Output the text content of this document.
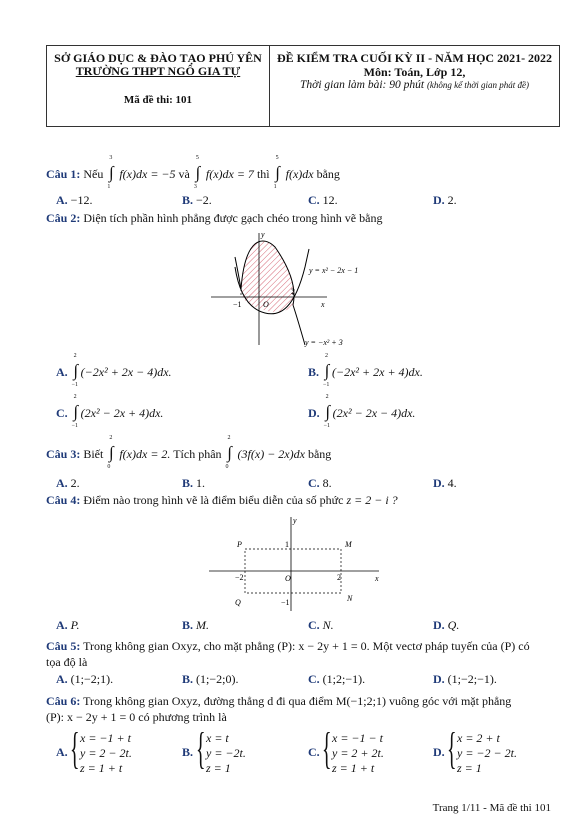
SỞ GIÁO DỤC & ĐÀO TẠO PHÚ YÊN
TRƯỜNG THPT NGÔ GIA TỰ
Mã đề thi: 101
ĐỀ KIỂM TRA CUỐI KỲ II - NĂM HỌC 2021- 2022
Môn: Toán, Lớp 12,
Thời gian làm bài: 90 phút (không kể thời gian phát đề)
Câu 1: Nếu ∫
3
1
f(x)dx = −5 và ∫
5
3
f(x)dx = 7 thì ∫
5
1
f(x)dx bằng
A. −12.	B. −2.	C. 12.	D. 2.
Câu 2: Diện tích phần hình phẳng được gạch chéo trong hình vẽ bằng
y
x
O
−1
2
y = x² − 2x − 1
y = −x² + 3
A. ∫
2
−1
(−2x² + 2x − 4)dx.	B. ∫
2
−1
(−2x² + 2x + 4)dx.
C. ∫
2
−1
(2x² − 2x + 4)dx.	D. ∫
2
−1
(2x² − 2x − 4)dx.
Câu 3: Biết ∫
2
0
f(x)dx = 2. Tích phân ∫
2
0
(3f(x) − 2x)dx bằng
A. 2.	B. 1.	C. 8.	D. 4.
Câu 4: Điểm nào trong hình vẽ là điểm biểu diễn của số phức z = 2 − i ?
y
x
O
P	M
Q	N
−2	2
1
−1
A. P.	B. M.	C. N.	D. Q.
Câu 5: Trong không gian Oxyz, cho mặt phẳng (P): x − 2y + 1 = 0. Một vectơ pháp tuyến của (P) có
tọa độ là
A. (1;−2;1).	B. (1;−2;0).	C. (1;2;−1).	D. (1;−2;−1).
Câu 6: Trong không gian Oxyz, đường thẳng d đi qua điểm M(−1;2;1) vuông góc với mặt phẳng
(P): x − 2y + 1 = 0 có phương trình là
A. { x = −1 + t
y = 2 − 2t.
z = 1 + t
B. { x = t
y = −2t.
z = 1
C. { x = −1 − t
y = 2 + 2t.
z = 1 + t
D. { x = 2 + t
y = −2 − 2t.
z = 1
Trang 1/11 - Mã đề thi 101
